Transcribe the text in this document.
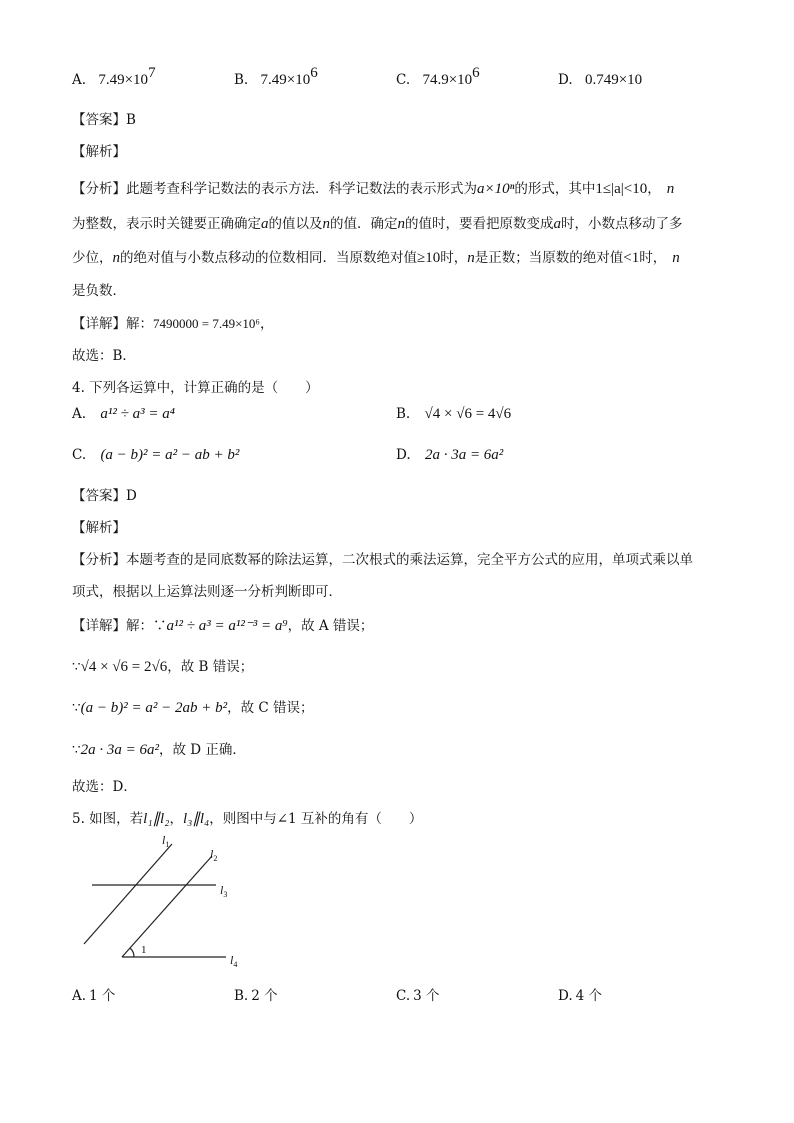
A. $7.49\times 10^7$	B. $7.49\times 10^6$	C. $74.9\times 10^6$	D. 0.749×10
【答案】B
【解析】
【分析】此题考查科学记数法的表示方法．科学记数法的表示形式为a×10ⁿ的形式，其中1≤|a|<10， n
为整数，表示时关键要正确确定a的值以及n的值．确定n的值时，要看把原数变成a时，小数点移动了多
少位，n的绝对值与小数点移动的位数相同．当原数绝对值≥10时，n是正数；当原数的绝对值<1时， n
是负数．
【详解】解：7490000 = 7.49×10⁶，
故选：B．
4. 下列各运算中，计算正确的是（　　）
A. a¹² ÷ a³ = a⁴	B. √4 × √6 = 4√6
C. (a − b)² = a² − ab + b²	D. 2a · 3a = 6a²
【答案】D
【解析】
【分析】本题考查的是同底数幂的除法运算，二次根式的乘法运算，完全平方公式的应用，单项式乘以单
项式，根据以上运算法则逐一分析判断即可．
【详解】解：∵a¹² ÷ a³ = a¹²⁻³ = a⁹，故 A 错误；
∵√4 × √6 = 2√6，故 B 错误；
∵(a − b)² = a² − 2ab + b²，故 C 错误；
∵2a · 3a = 6a²，故 D 正确．
故选：D．
5. 如图，若l₁∥l₂，l₃∥l₄，则图中与∠1 互补的角有（　　）
$l_1$
$l_2$
$l_3$
$l_4$
1
A. 1 个	B. 2 个	C. 3 个	D. 4 个
